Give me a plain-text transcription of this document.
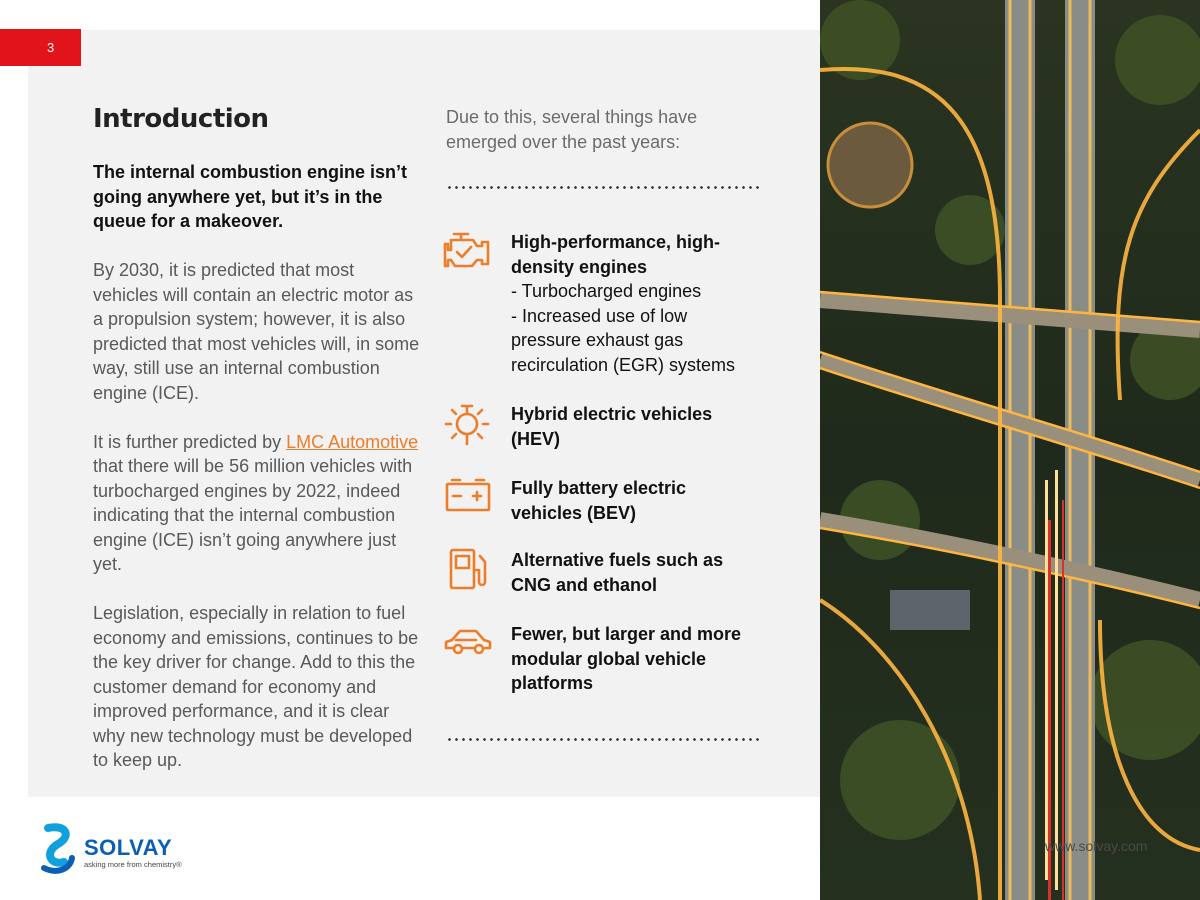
3
Introduction

The internal combustion engine isn’t going anywhere yet, but it’s in the queue for a makeover.

By 2030, it is predicted that most vehicles will contain an electric motor as a propulsion system; however, it is also predicted that most vehicles will, in some way, still use an internal combustion engine (ICE).

It is further predicted by LMC Automotive that there will be 56 million vehicles with turbocharged engines by 2022, indeed indicating that the internal combustion engine (ICE) isn’t going anywhere just yet.

Legislation, especially in relation to fuel economy and emissions, continues to be the key driver for change. Add to this the customer demand for economy and improved performance, and it is clear why new technology must be developed to keep up.

Due to this, several things have emerged over the past years:

High-performance, high-density engines
- Turbocharged engines
- Increased use of low pressure exhaust gas recirculation (EGR) systems
Hybrid electric vehicles (HEV)
Fully battery electric vehicles (BEV)
Alternative fuels such as CNG and ethanol
Fewer, but larger and more modular global vehicle platforms
www.solvay.com
SOLVAY
asking more from chemistry®
